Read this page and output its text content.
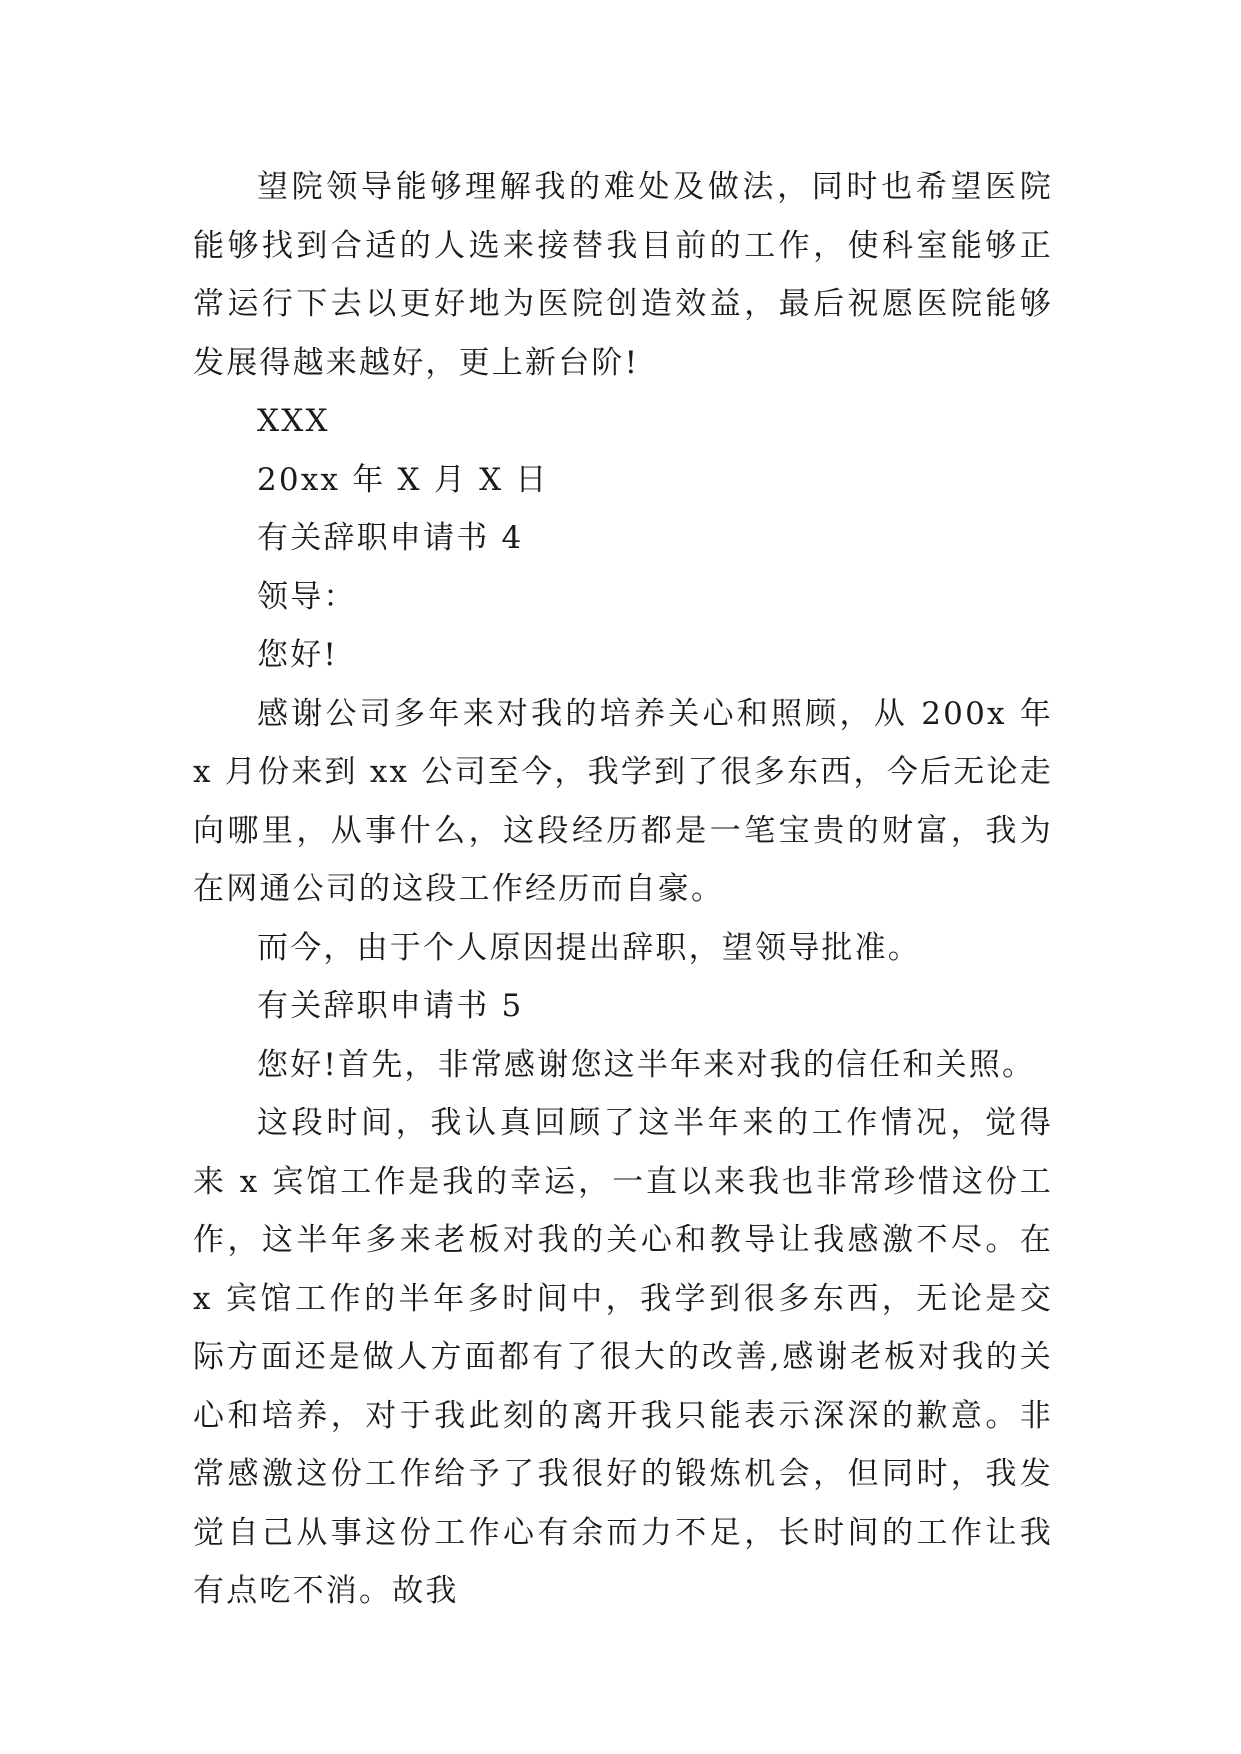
望院领导能够理解我的难处及做法，同时也希望医院能够找到合适的人选来接替我目前的工作，使科室能够正常运行下去以更好地为医院创造效益，最后祝愿医院能够发展得越来越好，更上新台阶!

XXX

20xx 年 X 月 X 日

有关辞职申请书 4

领导：

您好!

感谢公司多年来对我的培养关心和照顾，从 200x 年 x 月份来到 xx 公司至今，我学到了很多东西，今后无论走向哪里，从事什么，这段经历都是一笔宝贵的财富，我为在网通公司的这段工作经历而自豪。

而今，由于个人原因提出辞职，望领导批准。

有关辞职申请书 5

您好!首先，非常感谢您这半年来对我的信任和关照。

这段时间，我认真回顾了这半年来的工作情况，觉得来 x 宾馆工作是我的幸运，一直以来我也非常珍惜这份工作，这半年多来老板对我的关心和教导让我感激不尽。在 x 宾馆工作的半年多时间中，我学到很多东西，无论是交际方面还是做人方面都有了很大的改善,感谢老板对我的关心和培养，对于我此刻的离开我只能表示深深的歉意。非常感激这份工作给予了我很好的锻炼机会，但同时，我发觉自己从事这份工作心有余而力不足，长时间的工作让我有点吃不消。故我
